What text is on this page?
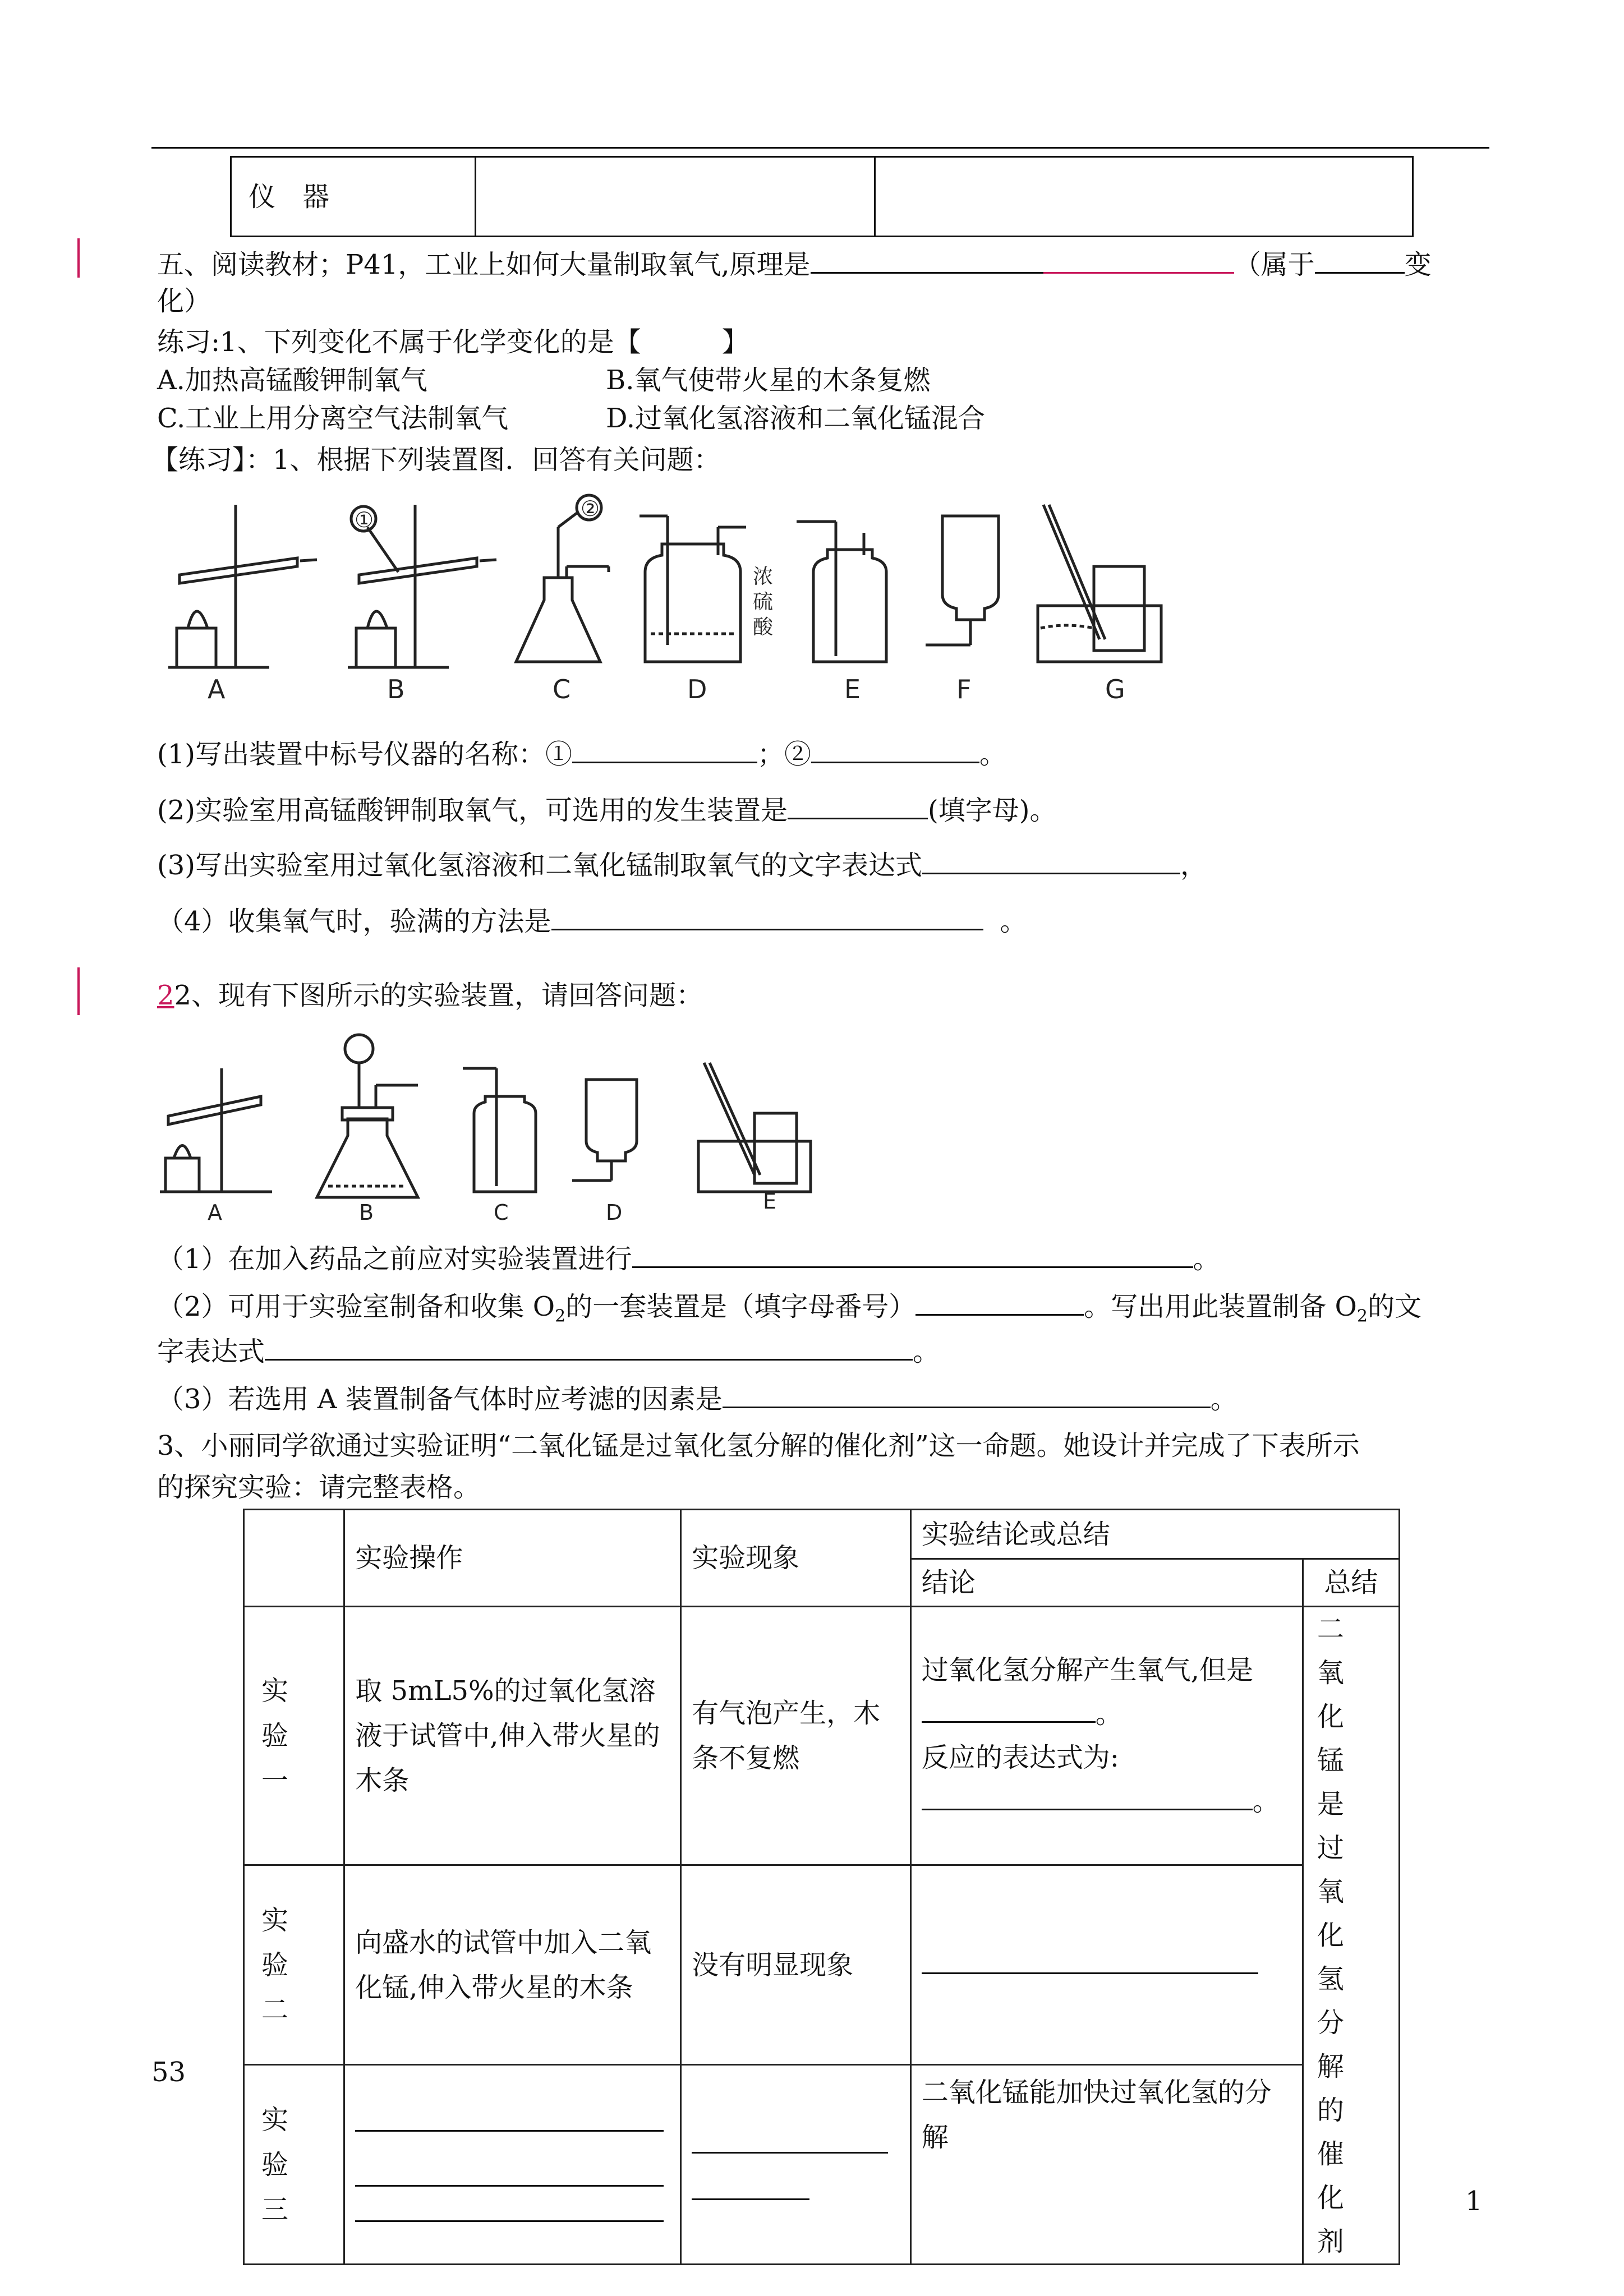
仪　器
五、阅读教材；P41，工业上如何大量制取氧气,原理是	（属于	变
化）
练习:1、下列变化不属于化学变化的是【　　　】
A.加热高锰酸钾制氧气	B.氧气使带火星的木条复燃
C.工业上用分离空气法制氧气	D.过氧化氢溶液和二氧化锰混合
【练习】：1、根据下列装置图．回答有关问题：
A	B	C	D	E	F	G
①	②
浓
硫
酸
(1)写出装置中标号仪器的名称：①	；②	。
(2)实验室用高锰酸钾制取氧气，可选用的发生装置是	(填字母)。
(3)写出实验室用过氧化氢溶液和二氧化锰制取氧气的文字表达式	，
（4）收集氧气时，验满的方法是	。
22、现有下图所示的实验装置，请回答问题：
A	B	C	D	E
（1）在加入药品之前应对实验装置进行	。
（2）可用于实验室制备和收集 $O_2$的一套装置是（填字母番号）	。写出用此装置制备 $O_2$的文
字表达式	。
（3）若选用 A 装置制备气体时应考滤的因素是	。
3、小丽同学欲通过实验证明“二氧化锰是过氧化氢分解的催化剂”这一命题。她设计并完成了下表所示
的探究实验：请完整表格。
	实验操作	实验现象	实验结论或总结	
			结论	总结
实验一	取 5mL5%的过氧化氢溶液于试管中,伸入带火星的木条	有气泡产生，木条不复燃	过氧化氢分解产生氧气,但是
。
反应的表达式为:
。	二氧化锰是过氧化氢分解的催化剂
实验二	向盛水的试管中加入二氧化锰,伸入带火星的木条	没有明显现象		
实验三			二氧化锰能加快过氧化氢的分解	
53
1
